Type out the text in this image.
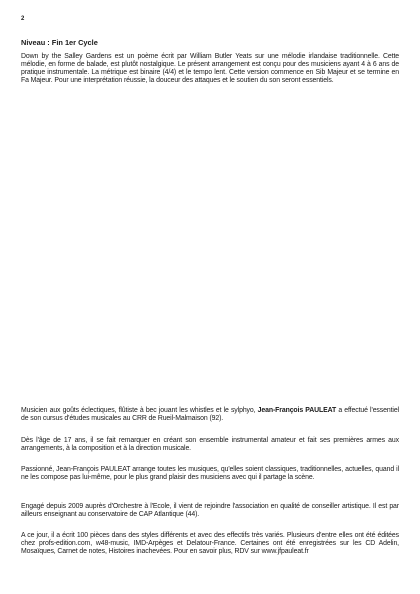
2
Niveau : Fin 1er Cycle

Down by the Salley Gardens est un poème écrit par William Butler Yeats sur une mélodie irlandaise traditionnelle. Cette mélodie, en forme de balade, est plutôt nostalgique. Le présent arrangement est conçu pour des musiciens ayant 4 à 6 ans de pratique instrumentale. La métrique est binaire (4/4) et le tempo lent. Cette version commence en Sib Majeur et se termine en Fa Majeur. Pour une interprétation réussie, la douceur des attaques et le soutien du son seront essentiels.

Musicien aux goûts éclectiques, flûtiste à bec jouant les whistles et le sylphyo, Jean-François PAULEAT a effectué l'essentiel de son cursus d'études musicales au CRR de Rueil-Malmaison (92).

Dès l'âge de 17 ans, il se fait remarquer en créant son ensemble instrumental amateur et fait ses premières armes aux arrangements, à la composition et à la direction musicale.

Passionné, Jean-François PAULEAT arrange toutes les musiques, qu'elles soient classiques, traditionnelles, actuelles, quand il ne les compose pas lui-même, pour le plus grand plaisir des musiciens avec qui il partage la scène.

Engagé depuis 2009 auprès d'Orchestre à l'Ecole, il vient de rejoindre l'association en qualité de conseiller artistique. Il est par ailleurs enseignant au conservatoire de CAP Atlantique (44).

A ce jour, il a écrit 100 pièces dans des styles différents et avec des effectifs très variés. Plusieurs d'entre elles ont été éditées chez profs-edition.com, w48-music, IMD-Arpèges et Delatour-France. Certaines ont été enregistrées sur les CD Adelin, Mosaïques, Carnet de notes, Histoires inachevées. Pour en savoir plus, RDV sur www.jfpauleat.fr
